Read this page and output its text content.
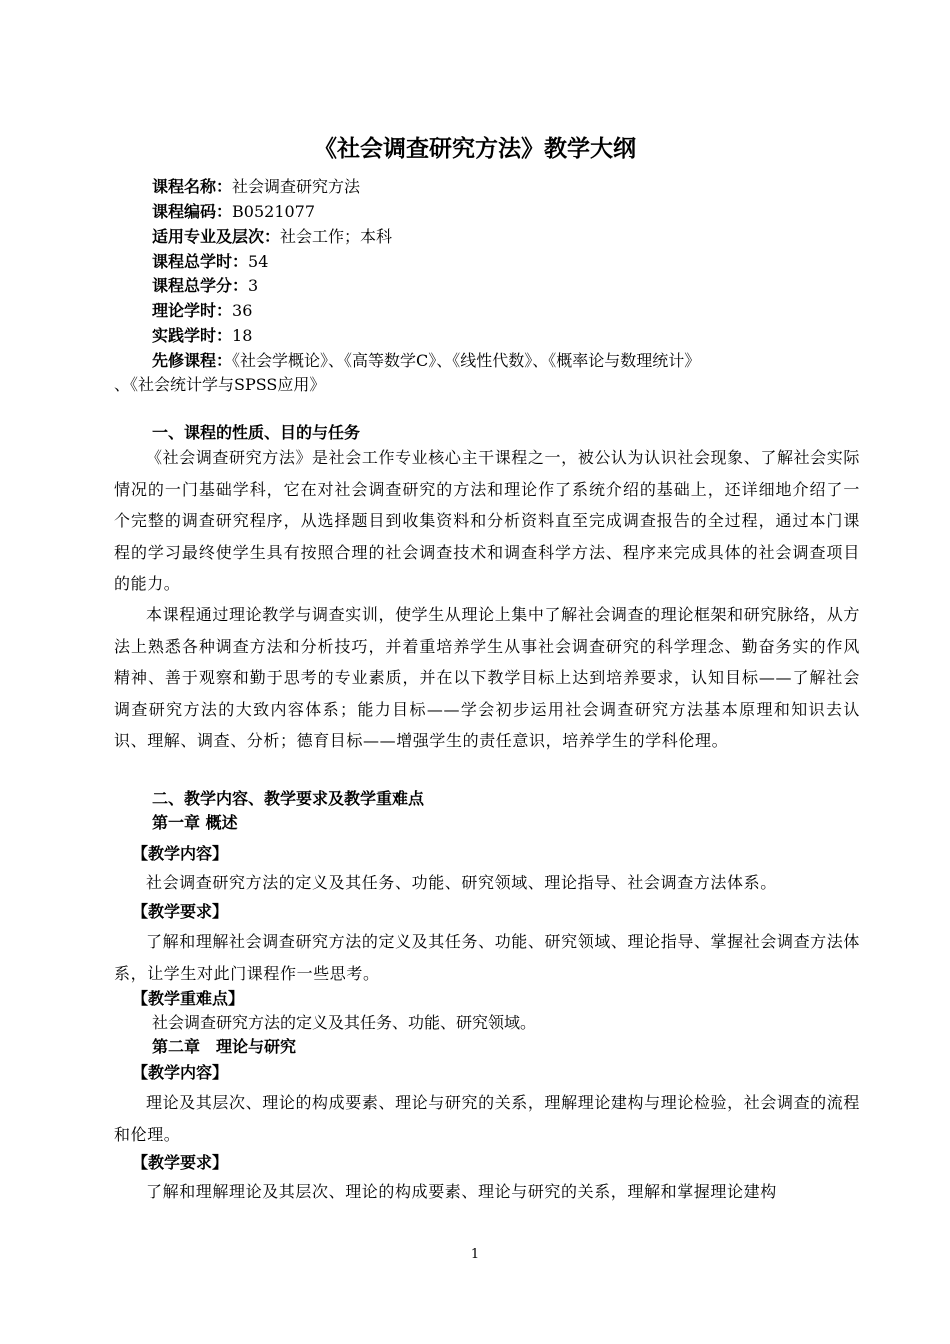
《社会调查研究方法》教学大纲
课程名称：社会调查研究方法
课程编码：B0521077
适用专业及层次：社会工作；本科
课程总学时：54
课程总学分：3
理论学时：36
实践学时：18
先修课程：《社会学概论》、《高等数学C》、《线性代数》、《概率论与数理统计》
、《社会统计学与SPSS应用》
一、课程的性质、目的与任务
《社会调查研究方法》是社会工作专业核心主干课程之一，被公认为认识社会现象、了解社会实际情况的一门基础学科，它在对社会调查研究的方法和理论作了系统介绍的基础上，还详细地介绍了一个完整的调查研究程序，从选择题目到收集资料和分析资料直至完成调查报告的全过程，通过本门课程的学习最终使学生具有按照合理的社会调查技术和调查科学方法、程序来完成具体的社会调查项目的能力。
本课程通过理论教学与调查实训，使学生从理论上集中了解社会调查的理论框架和研究脉络，从方法上熟悉各种调查方法和分析技巧，并着重培养学生从事社会调查研究的科学理念、勤奋务实的作风精神、善于观察和勤于思考的专业素质，并在以下教学目标上达到培养要求，认知目标——了解社会调查研究方法的大致内容体系；能力目标——学会初步运用社会调查研究方法基本原理和知识去认识、理解、调查、分析；德育目标——增强学生的责任意识，培养学生的学科伦理。
二、教学内容、教学要求及教学重难点
第一章 概述
【教学内容】
社会调查研究方法的定义及其任务、功能、研究领域、理论指导、社会调查方法体系。
【教学要求】
了解和理解社会调查研究方法的定义及其任务、功能、研究领域、理论指导、掌握社会调查方法体系，让学生对此门课程作一些思考。
【教学重难点】
社会调查研究方法的定义及其任务、功能、研究领域。
第二章　理论与研究
【教学内容】
理论及其层次、理论的构成要素、理论与研究的关系，理解理论建构与理论检验，社会调查的流程和伦理。
【教学要求】
了解和理解理论及其层次、理论的构成要素、理论与研究的关系，理解和掌握理论建构
1
